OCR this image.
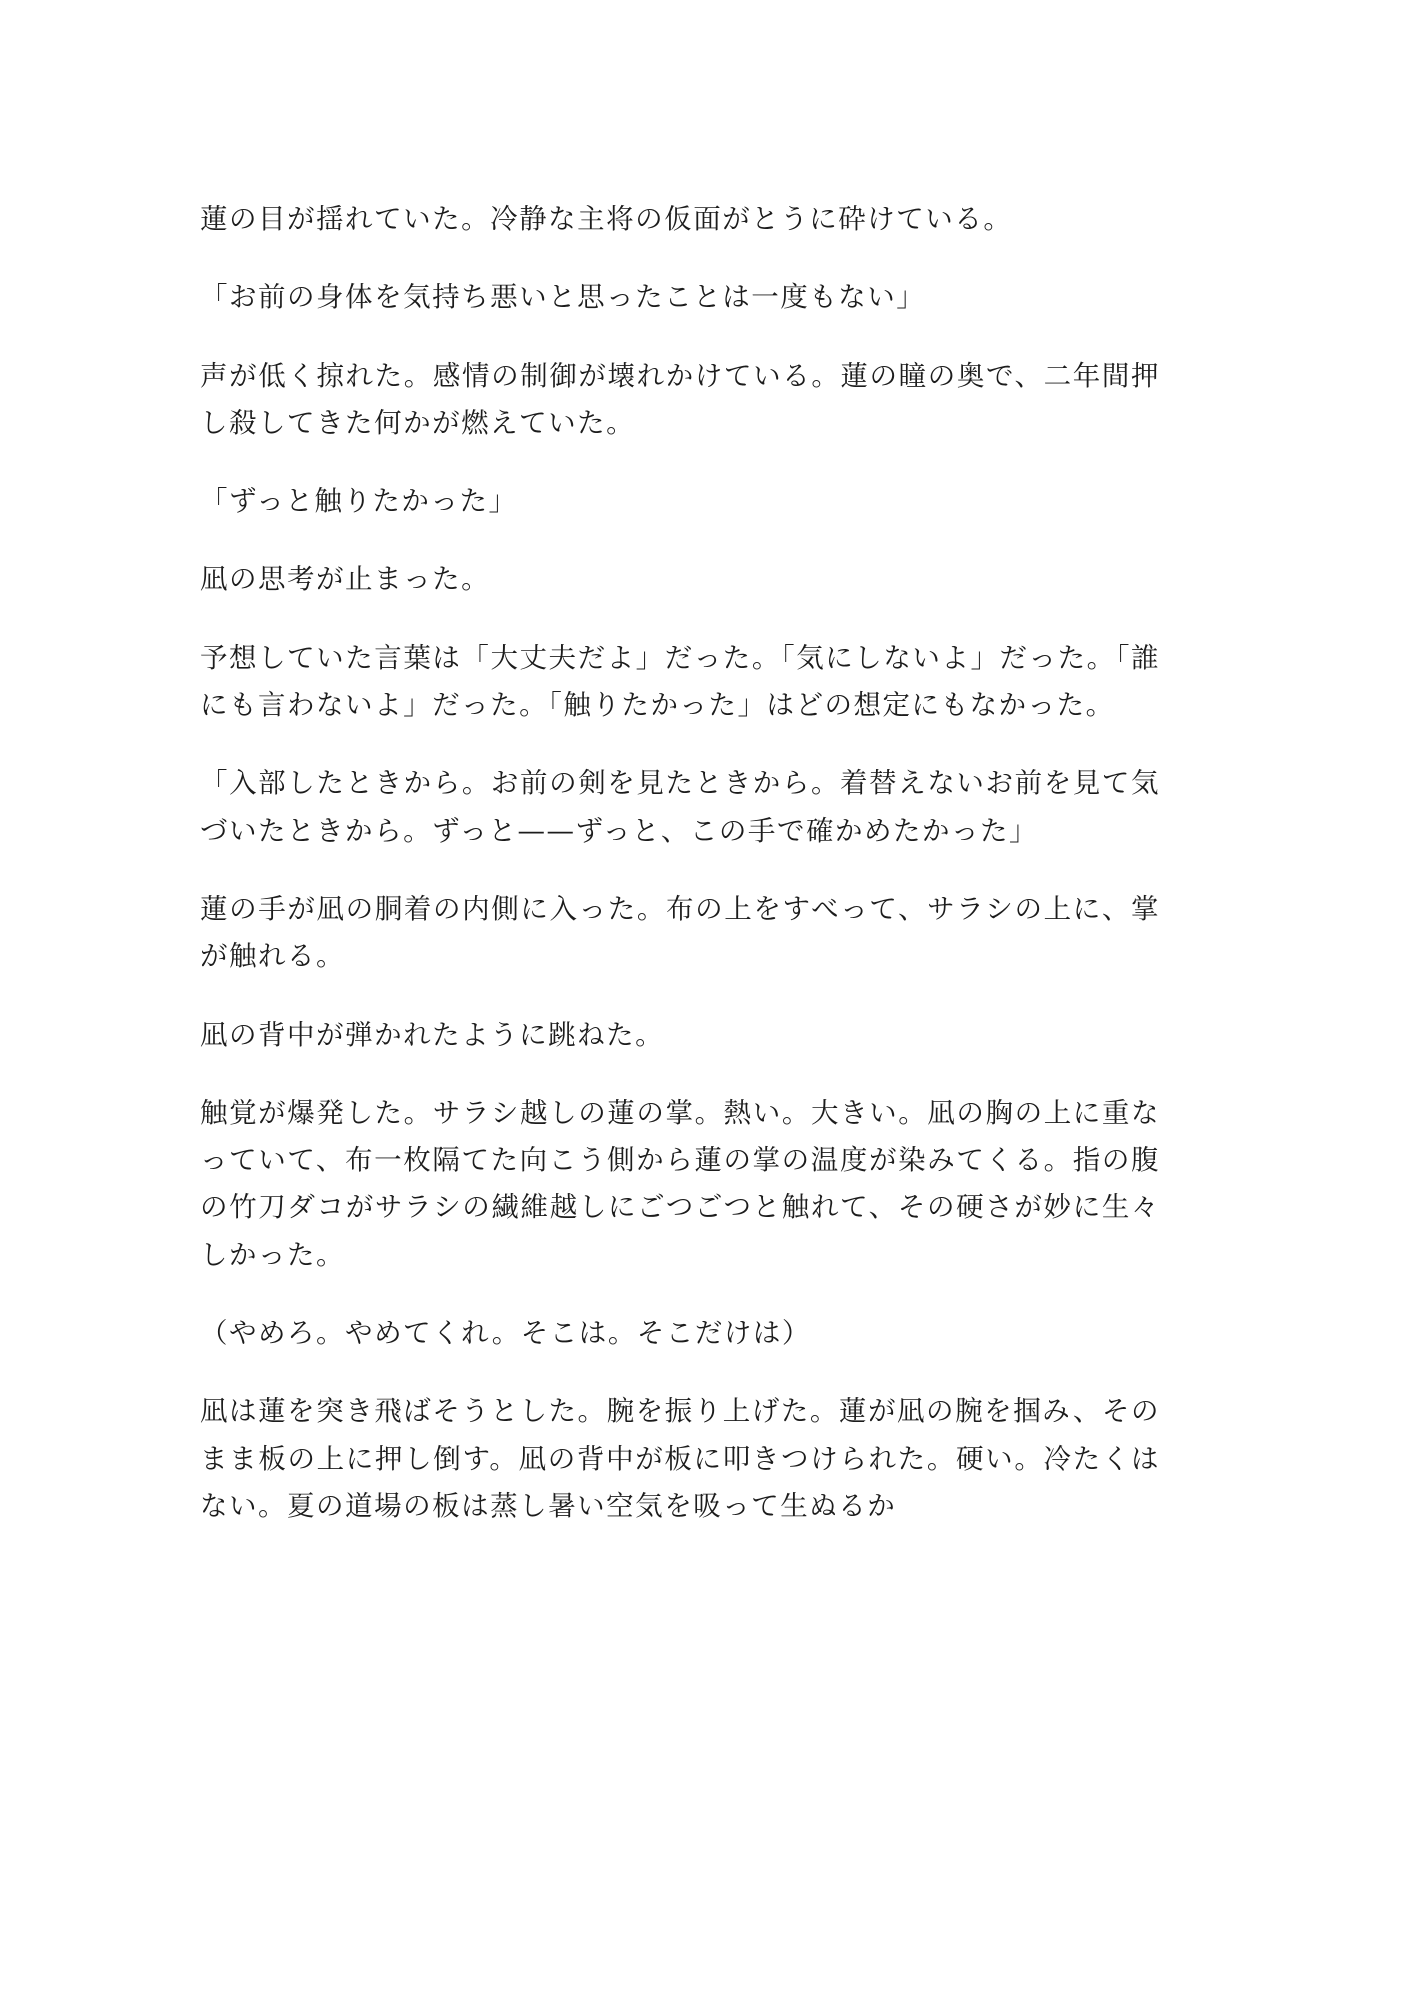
蓮の目が揺れていた。冷静な主将の仮面がとうに砕けている。

「お前の身体を気持ち悪いと思ったことは一度もない」

声が低く掠れた。感情の制御が壊れかけている。蓮の瞳の奥で、二年間押し殺してきた何かが燃えていた。

「ずっと触りたかった」

凪の思考が止まった。

予想していた言葉は「大丈夫だよ」だった。「気にしないよ」だった。「誰にも言わないよ」だった。「触りたかった」はどの想定にもなかった。

「入部したときから。お前の剣を見たときから。着替えないお前を見て気づいたときから。ずっと——ずっと、この手で確かめたかった」

蓮の手が凪の胴着の内側に入った。布の上をすべって、サラシの上に、掌が触れる。

凪の背中が弾かれたように跳ねた。

触覚が爆発した。サラシ越しの蓮の掌。熱い。大きい。凪の胸の上に重なっていて、布一枚隔てた向こう側から蓮の掌の温度が染みてくる。指の腹の竹刀ダコがサラシの繊維越しにごつごつと触れて、その硬さが妙に生々しかった。

（やめろ。やめてくれ。そこは。そこだけは）

凪は蓮を突き飛ばそうとした。腕を振り上げた。蓮が凪の腕を掴み、そのまま板の上に押し倒す。凪の背中が板に叩きつけられた。硬い。冷たくはない。夏の道場の板は蒸し暑い空気を吸って生ぬるか
